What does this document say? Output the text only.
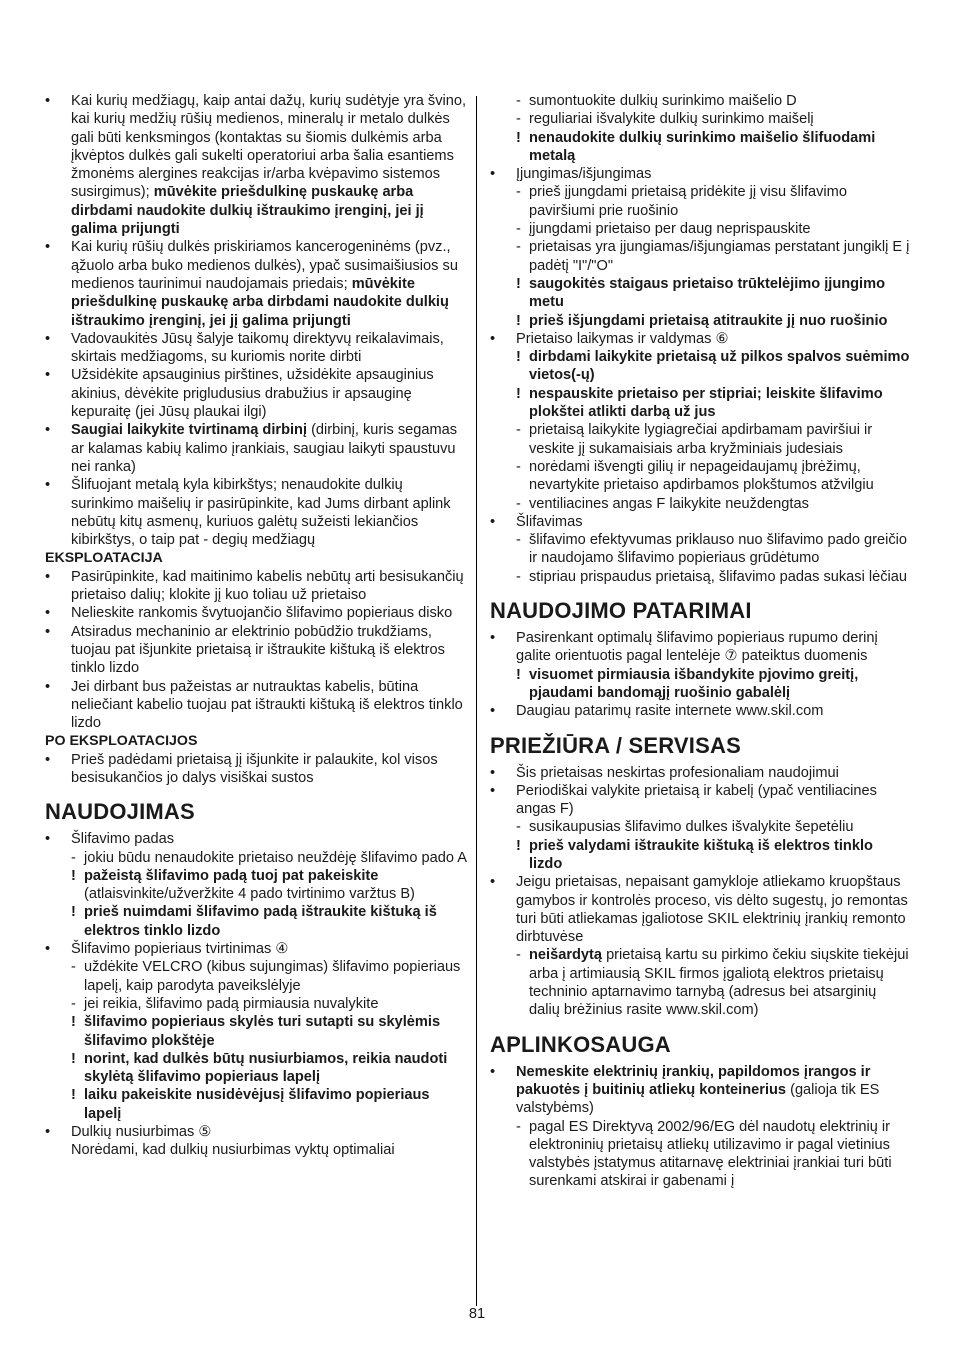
• Kai kurių medžiagų, kaip antai dažų, kurių sudėtyje yra švino, kai kurių medžių rūšių medienos, mineralų ir metalo dulkės gali būti kenksmingos (kontaktas su šiomis dulkėmis arba įkvėptos dulkės gali sukelti operatoriui arba šalia esantiems žmonėms alergines reakcijas ir/arba kvėpavimo sistemos susirgimus); mūvėkite priešdulkinę puskaukę arba dirbdami naudokite dulkių ištraukimo įrenginį, jei jį galima prijungti
• Kai kurių rūšių dulkės priskiriamos kancerogeninėms (pvz., ąžuolo arba buko medienos dulkės), ypač susimaišiusios su medienos taurinimui naudojamais priedais; mūvėkite priešdulkinę puskaukę arba dirbdami naudokite dulkių ištraukimo įrenginį, jei jį galima prijungti
• Vadovaukitės Jūsų šalyje taikomų direktyvų reikalavimais, skirtais medžiagoms, su kuriomis norite dirbti
• Užsidėkite apsauginius pirštines, užsidėkite apsauginius akinius, dėvėkite prigludusius drabužius ir apsauginę kepuraitę (jei Jūsų plaukai ilgi)
• Saugiai laikykite tvirtinamą dirbinį (dirbinį, kuris segamas ar kalamas kabių kalimo įrankiais, saugiau laikyti spaustuvu nei ranka)
• Šlifuojant metalą kyla kibirkštys; nenaudokite dulkių surinkimo maišelių ir pasirūpinkite, kad Jums dirbant aplink nebūtų kitų asmenų, kuriuos galėtų sužeisti lekiančios kibirkštys, o taip pat - degių medžiagų
EKSPLOATACIJA
• Pasirūpinkite, kad maitinimo kabelis nebūtų arti besisukančių prietaiso dalių; klokite jį kuo toliau už prietaiso
• Nelieskite rankomis švytuojančio šlifavimo popieriaus disko
• Atsiradus mechaninio ar elektrinio pobūdžio trukdžiams, tuojau pat išjunkite prietaisą ir ištraukite kištuką iš elektros tinklo lizdo
• Jei dirbant bus pažeistas ar nutrauktas kabelis, būtina neliečiant kabelio tuojau pat ištraukti kištuką iš elektros tinklo lizdo
PO EKSPLOATACIJOS
• Prieš padėdami prietaisą jį išjunkite ir palaukite, kol visos besisukančios jo dalys visiškai sustos
NAUDOJIMAS
• Šlifavimo padas
- jokiu būdu nenaudokite prietaiso neuždėję šlifavimo pado A
! pažeistą šlifavimo padą tuoj pat pakeiskite (atlaisvinkite/užveržkite 4 pado tvirtinimo varžtus B)
! prieš nuimdami šlifavimo padą ištraukite kištuką iš elektros tinklo lizdo
• Šlifavimo popieriaus tvirtinimas ④
- uždėkite VELCRO (kibus sujungimas) šlifavimo popieriaus lapelį, kaip parodyta paveikslėlyje
- jei reikia, šlifavimo padą pirmiausia nuvalykite
! šlifavimo popieriaus skylės turi sutapti su skylėmis šlifavimo plokštėje
! norint, kad dulkės būtų nusiurbiamos, reikia naudoti skylėtą šlifavimo popieriaus lapelį
! laiku pakeiskite nusidėvėjusį šlifavimo popieriaus lapelį
• Dulkių nusiurbimas ⑤
Norėdami, kad dulkių nusiurbimas vyktų optimaliai
- sumontuokite dulkių surinkimo maišelio D
- reguliariai išvalykite dulkių surinkimo maišelį
! nenaudokite dulkių surinkimo maišelio šlifuodami metalą
• Įjungimas/išjungimas
- prieš įjungdami prietaisą pridėkite jį visu šlifavimo paviršiumi prie ruošinio
- įjungdami prietaiso per daug neprispauskite
- prietaisas yra įjungiamas/išjungiamas perstatant jungiklį E į padėtį "I"/"O"
! saugokitės staigaus prietaiso trūktelėjimo įjungimo metu
! prieš išjungdami prietaisą atitraukite jį nuo ruošinio
• Prietaiso laikymas ir valdymas ⑥
! dirbdami laikykite prietaisą už pilkos spalvos suėmimo vietos(-ų)
! nespauskite prietaiso per stipriai; leiskite šlifavimo plokštei atlikti darbą už jus
- prietaisą laikykite lygiagrečiai apdirbamam paviršiui ir veskite jį sukamaisiais arba kryžminiais judesiais
- norėdami išvengti gilių ir nepageidaujamų įbrėžimų, nevartykite prietaiso apdirbamos plokštumos atžvilgiu
- ventiliacines angas F laikykite neuždengtas
• Šlifavimas
- šlifavimo efektyvumas priklauso nuo šlifavimo pado greičio ir naudojamo šlifavimo popieriaus grūdėtumo
- stipriau prispaudus prietaisą, šlifavimo padas sukasi lėčiau
NAUDOJIMO PATARIMAI
• Pasirenkant optimalų šlifavimo popieriaus rupumo derinį galite orientuotis pagal lentelėje ⑦ pateiktus duomenis
! visuomet pirmiausia išbandykite pjovimo greitį, pjaudami bandomąjį ruošinio gabalėlį
• Daugiau patarimų rasite internete www.skil.com
PRIEŽIŪRA / SERVISAS
• Šis prietaisas neskirtas profesionaliam naudojimui
• Periodiškai valykite prietaisą ir kabelį (ypač ventiliacines angas F)
- susikaupusias šlifavimo dulkes išvalykite šepetėliu
! prieš valydami ištraukite kištuką iš elektros tinklo lizdo
• Jeigu prietaisas, nepaisant gamykloje atliekamo kruopštaus gamybos ir kontrolės proceso, vis dėlto sugestų, jo remontas turi būti atliekamas įgaliotose SKIL elektrinių įrankių remonto dirbtuvėse
- neišardytą prietaisą kartu su pirkimo čekiu siųskite tiekėjui arba į artimiausią SKIL firmos įgaliotą elektros prietaisų techninio aptarnavimo tarnybą (adresus bei atsarginių dalių brėžinius rasite www.skil.com)
APLINKOSAUGA
• Nemeskite elektrinių įrankių, papildomos įrangos ir pakuotės į buitinių atliekų konteinerius (galioja tik ES valstybėms)
- pagal ES Direktyvą 2002/96/EG dėl naudotų elektrinių ir elektroninių prietaisų atliekų utilizavimo ir pagal vietinius valstybės įstatymus atitarnavę elektriniai įrankiai turi būti surenkami atskirai ir gabenami į
81
